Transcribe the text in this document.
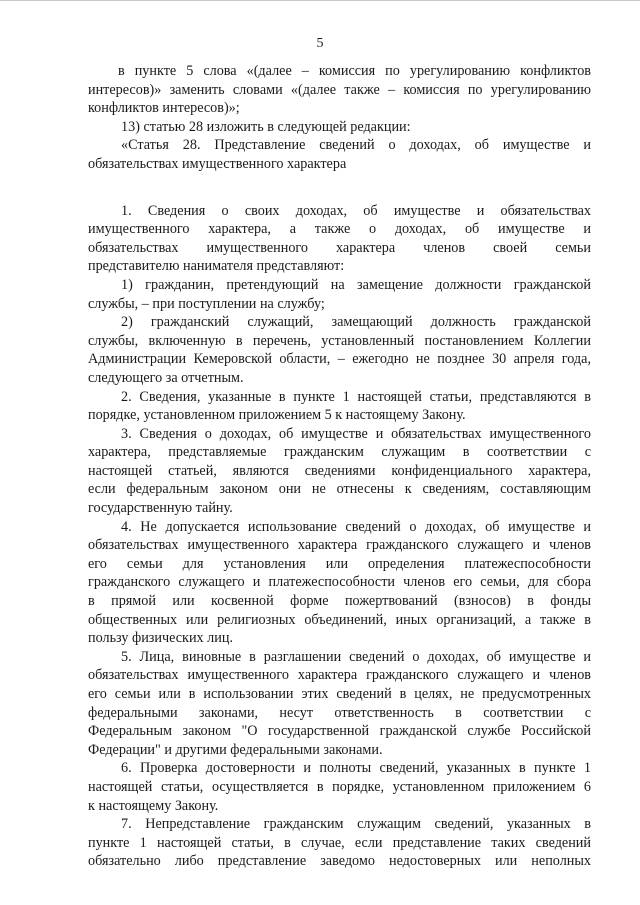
5
в пункте 5 слова «(далее – комиссия по урегулированию конфликтов
интересов)» заменить словами «(далее также – комиссия по урегулированию
конфликтов интересов)»;
13) статью 28 изложить в следующей редакции:
«Статья 28. Представление сведений о доходах, об имуществе и
обязательствах имущественного характера
1. Сведения о своих доходах, об имуществе и обязательствах
имущественного характера, а также о доходах, об имуществе и
обязательствах имущественного характера членов своей семьи
представителю нанимателя представляют:
1) гражданин, претендующий на замещение должности гражданской
службы, – при поступлении на службу;
2) гражданский служащий, замещающий должность гражданской
службы, включенную в перечень, установленный постановлением Коллегии
Администрации Кемеровской области, – ежегодно не позднее 30 апреля года,
следующего за отчетным.
2. Сведения, указанные в пункте 1 настоящей статьи, представляются в
порядке, установленном приложением 5 к настоящему Закону.
3. Сведения о доходах, об имуществе и обязательствах имущественного
характера, представляемые гражданским служащим в соответствии с
настоящей статьей, являются сведениями конфиденциального характера,
если федеральным законом они не отнесены к сведениям, составляющим
государственную тайну.
4. Не допускается использование сведений о доходах, об имуществе и
обязательствах имущественного характера гражданского служащего и членов
его семьи для установления или определения платежеспособности
гражданского служащего и платежеспособности членов его семьи, для сбора
в прямой или косвенной форме пожертвований (взносов) в фонды
общественных или религиозных объединений, иных организаций, а также в
пользу физических лиц.
5. Лица, виновные в разглашении сведений о доходах, об имуществе и
обязательствах имущественного характера гражданского служащего и членов
его семьи или в использовании этих сведений в целях, не предусмотренных
федеральными законами, несут ответственность в соответствии с
Федеральным законом "О государственной гражданской службе Российской
Федерации" и другими федеральными законами.
6. Проверка достоверности и полноты сведений, указанных в пункте 1
настоящей статьи, осуществляется в порядке, установленном приложением 6
к настоящему Закону.
7. Непредставление гражданским служащим сведений, указанных в
пункте 1 настоящей статьи, в случае, если представление таких сведений
обязательно либо представление заведомо недостоверных или неполных
